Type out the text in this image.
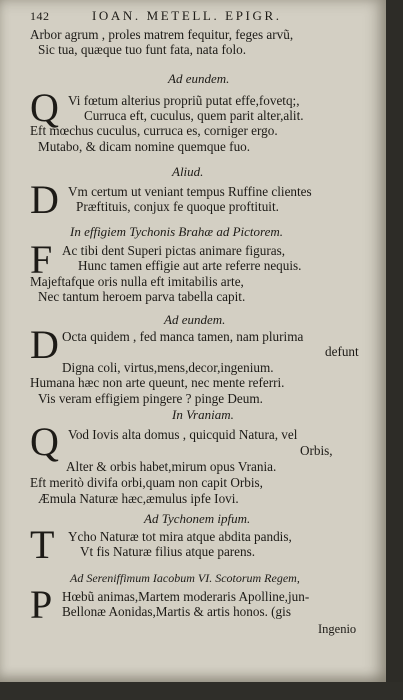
142	IOAN. METELL. EPIGR.
Arbor agrum , proles matrem fequitur, feges arvũ,
Sic tua, quæque tuo funt fata, nata folo.
Ad eundem.
Q Vi fœtum alterius propriũ putat effe,fovetq;,
Curruca eft, cuculus, quem parit alter,alit.
Eft mœchus cuculus, curruca es, corniger ergo.
Mutabo, & dicam nomine quemque fuo.
Aliud.
D Vm certum ut veniant tempus Ruffine clientes
Præftituis, conjux fe quoque proftituit.
In effigiem Tychonis Brahæ ad Pictorem.
F Ac tibi dent Superi pictas animare figuras,
Hunc tamen effigie aut arte referre nequis.
Majeftafque oris nulla eft imitabilis arte,
Nec tantum heroem parva tabella capit.
Ad eundem.
D Octa quidem , fed manca tamen, nam plurima
defunt
Digna coli, virtus,mens,decor,ingenium.
Humana hæc non arte queunt, nec mente referri.
Vis veram effigiem pingere ? pinge Deum.
In Vraniam.
Q Vod Iovis alta domus , quicquid Natura, vel
Orbis,
Alter & orbis habet,mirum opus Vrania.
Eft meritò divifa orbi,quam non capit Orbis,
Æmula Naturæ hæc,æmulus ipfe Iovi.
Ad Tychonem ipfum.
T Ycho Naturæ tot mira atque abdita pandis,
Vt fis Naturæ filius atque parens.
Ad Sereniffimum Iacobum VI. Scotorum Regem,
P Hœbũ animas,Martem moderaris Apolline,jun-
Bellonæ Aonidas,Martis & artis honos. (gis
Ingenio
